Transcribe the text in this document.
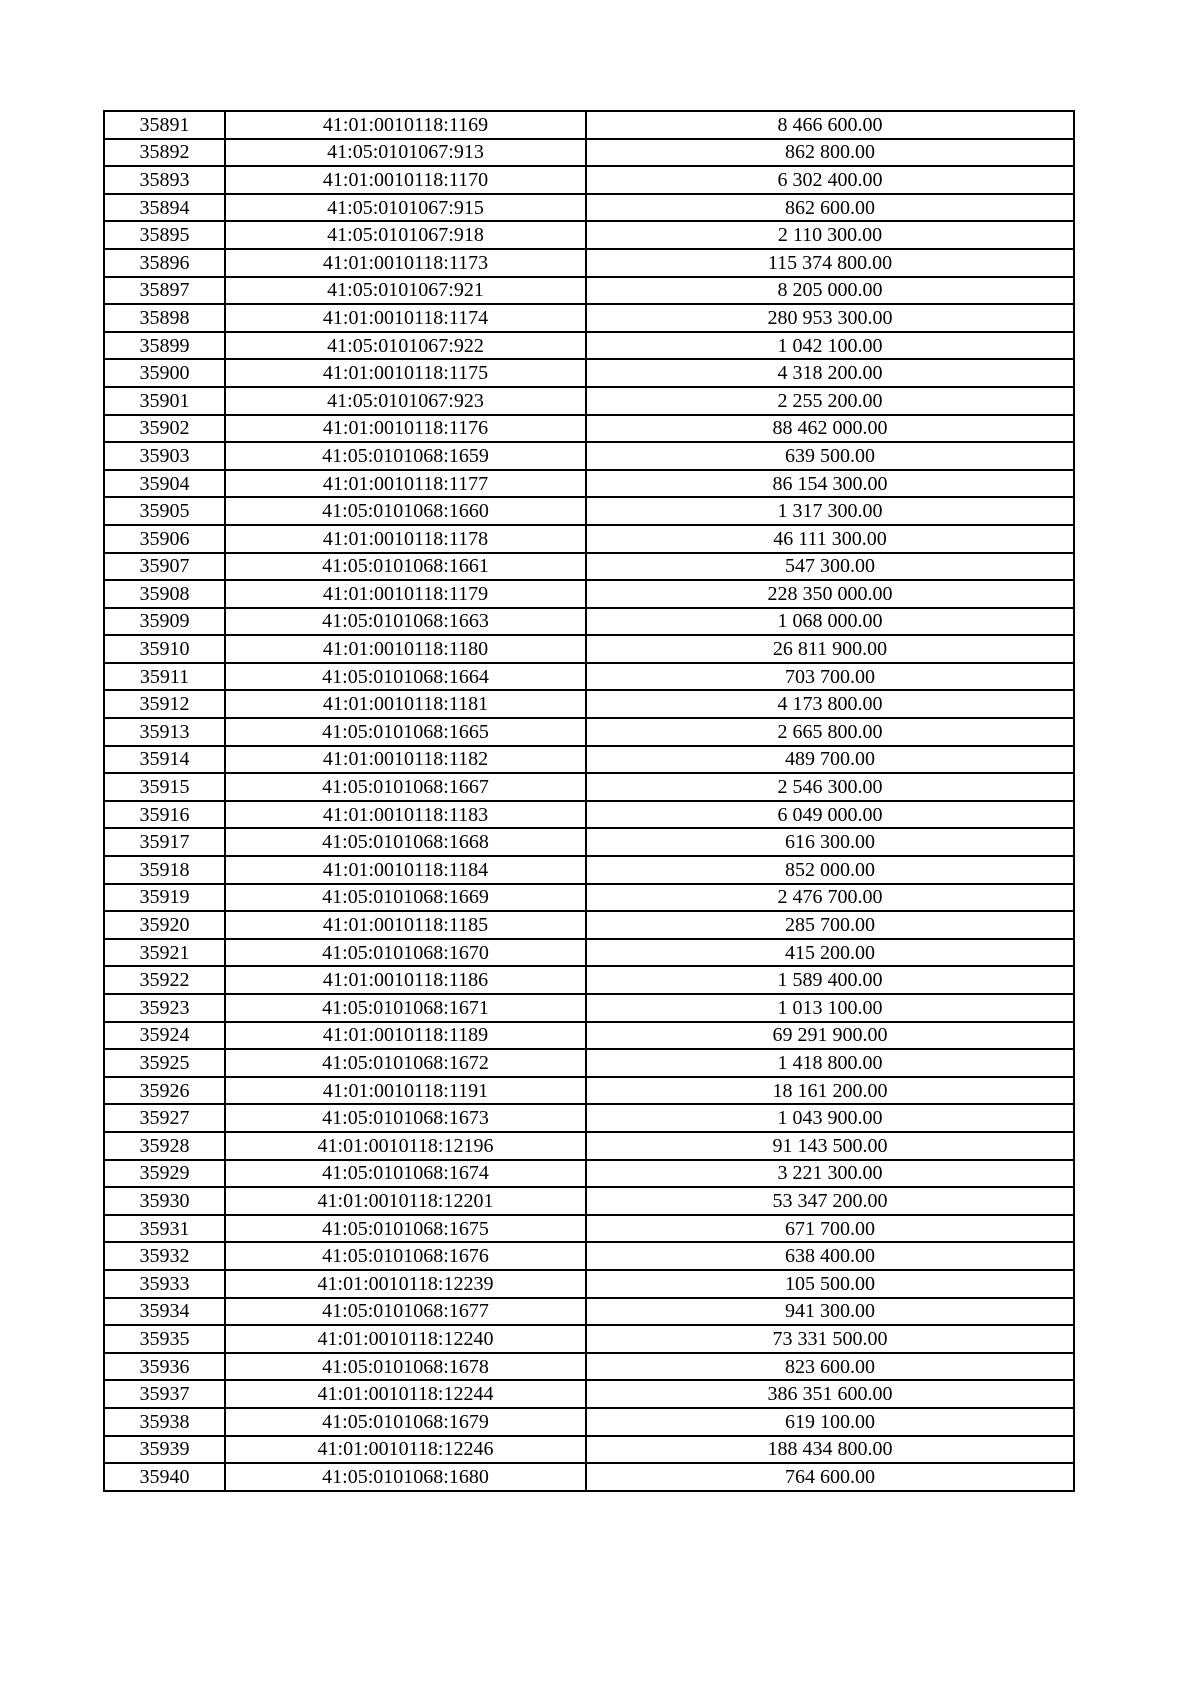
35891	41:01:0010118:1169	8 466 600.00
35892	41:05:0101067:913	862 800.00
35893	41:01:0010118:1170	6 302 400.00
35894	41:05:0101067:915	862 600.00
35895	41:05:0101067:918	2 110 300.00
35896	41:01:0010118:1173	115 374 800.00
35897	41:05:0101067:921	8 205 000.00
35898	41:01:0010118:1174	280 953 300.00
35899	41:05:0101067:922	1 042 100.00
35900	41:01:0010118:1175	4 318 200.00
35901	41:05:0101067:923	2 255 200.00
35902	41:01:0010118:1176	88 462 000.00
35903	41:05:0101068:1659	639 500.00
35904	41:01:0010118:1177	86 154 300.00
35905	41:05:0101068:1660	1 317 300.00
35906	41:01:0010118:1178	46 111 300.00
35907	41:05:0101068:1661	547 300.00
35908	41:01:0010118:1179	228 350 000.00
35909	41:05:0101068:1663	1 068 000.00
35910	41:01:0010118:1180	26 811 900.00
35911	41:05:0101068:1664	703 700.00
35912	41:01:0010118:1181	4 173 800.00
35913	41:05:0101068:1665	2 665 800.00
35914	41:01:0010118:1182	489 700.00
35915	41:05:0101068:1667	2 546 300.00
35916	41:01:0010118:1183	6 049 000.00
35917	41:05:0101068:1668	616 300.00
35918	41:01:0010118:1184	852 000.00
35919	41:05:0101068:1669	2 476 700.00
35920	41:01:0010118:1185	285 700.00
35921	41:05:0101068:1670	415 200.00
35922	41:01:0010118:1186	1 589 400.00
35923	41:05:0101068:1671	1 013 100.00
35924	41:01:0010118:1189	69 291 900.00
35925	41:05:0101068:1672	1 418 800.00
35926	41:01:0010118:1191	18 161 200.00
35927	41:05:0101068:1673	1 043 900.00
35928	41:01:0010118:12196	91 143 500.00
35929	41:05:0101068:1674	3 221 300.00
35930	41:01:0010118:12201	53 347 200.00
35931	41:05:0101068:1675	671 700.00
35932	41:05:0101068:1676	638 400.00
35933	41:01:0010118:12239	105 500.00
35934	41:05:0101068:1677	941 300.00
35935	41:01:0010118:12240	73 331 500.00
35936	41:05:0101068:1678	823 600.00
35937	41:01:0010118:12244	386 351 600.00
35938	41:05:0101068:1679	619 100.00
35939	41:01:0010118:12246	188 434 800.00
35940	41:05:0101068:1680	764 600.00
